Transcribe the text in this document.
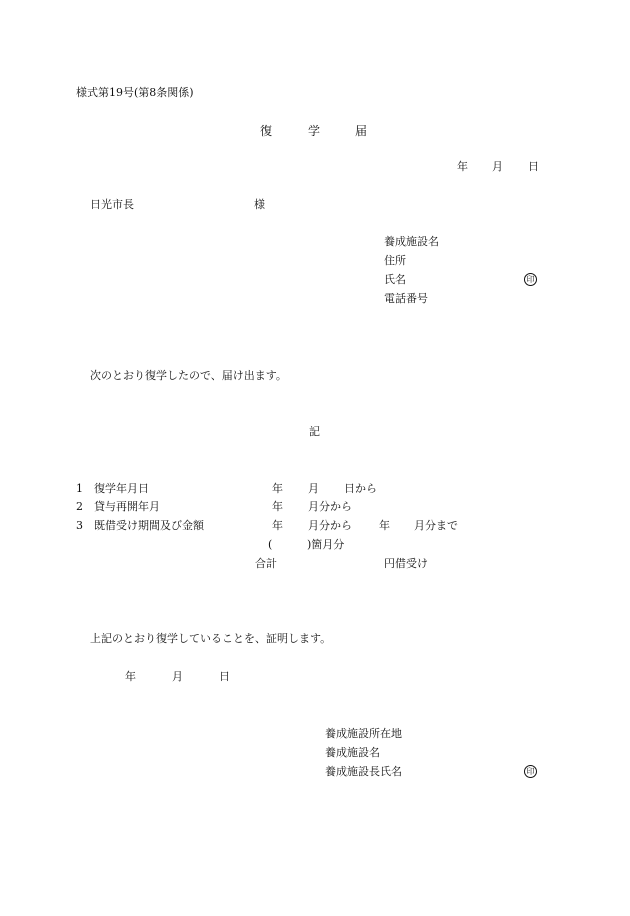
様式第19号(第8条関係)
復	学	届
年 月 日
日光市長	様
養成施設名
住所
氏名	印
電話番号
次のとおり復学したので、届け出ます。
記
1 復学年月日	年 月 日から
2 貸与再開年月	年 月分から
3 既借受け期間及び金額	年 月分から 年 月分まで
(	)箇月分
合計	円借受け
上記のとおり復学していることを、証明します。
年	月	日
養成施設所在地
養成施設名
養成施設長氏名	印
